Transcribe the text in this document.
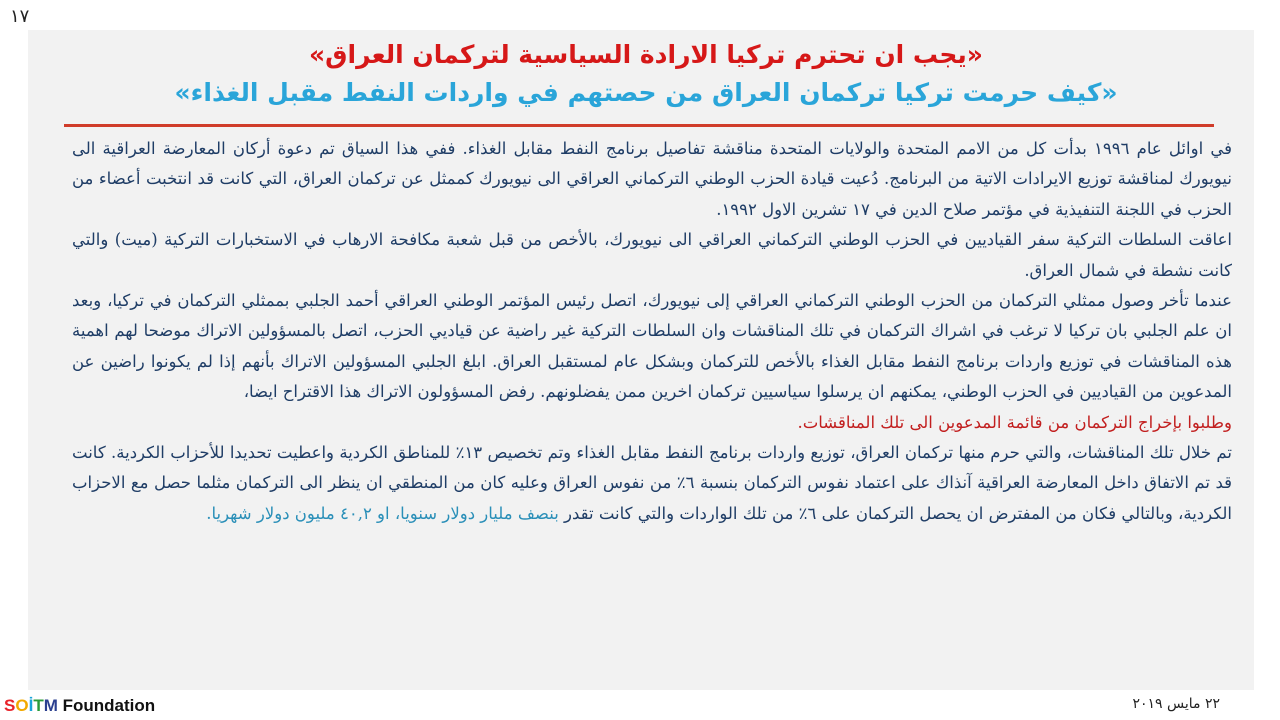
١٧
«يجب ان تحترم تركيا الارادة السياسية لتركمان العراق»
«كيف حرمت تركيا تركمان العراق من حصتهم في واردات النفط مقبل الغذاء»

في اوائل عام ١٩٩٦ بدأت كل من الامم المتحدة والولايات المتحدة مناقشة تفاصيل برنامج النفط مقابل الغذاء. ففي هذا السياق تم دعوة أركان المعارضة العراقية الى نيويورك لمناقشة توزيع الايرادات الاتية من البرنامج. دُعيت قيادة الحزب الوطني التركماني العراقي الى نيويورك كممثل عن تركمان العراق، التي كانت قد انتخبت أعضاء من الحزب في اللجنة التنفيذية في مؤتمر صلاح الدين في ١٧ تشرين الاول ١٩٩٢.

اعاقت السلطات التركية سفر القياديين في الحزب الوطني التركماني العراقي الى نيويورك، بالأخص من قبل شعبة مكافحة الارهاب في الاستخبارات التركية (ميت) والتي كانت نشطة في شمال العراق.

عندما تأخر وصول ممثلي التركمان من الحزب الوطني التركماني العراقي إلى نيويورك، اتصل رئيس المؤتمر الوطني العراقي أحمد الجلبي بممثلي التركمان في تركيا، وبعد ان علم الجلبي بان تركيا لا ترغب في اشراك التركمان في تلك المناقشات وان السلطات التركية غير راضية عن قياديي الحزب، اتصل بالمسؤولين الاتراك موضحا لهم اهمية هذه المناقشات في توزيع واردات برنامج النفط مقابل الغذاء بالأخص للتركمان وبشكل عام لمستقبل العراق. ابلغ الجلبي المسؤولين الاتراك بأنهم إذا لم يكونوا راضين عن المدعوين من القياديين في الحزب الوطني، يمكنهم ان يرسلوا سياسيين تركمان اخرين ممن يفضلونهم. رفض المسؤولون الاتراك هذا الاقتراح ايضا،
وطلبوا بإخراج التركمان من قائمة المدعوين الى تلك المناقشات.

تم خلال تلك المناقشات، والتي حرم منها تركمان العراق، توزيع واردات برنامج النفط مقابل الغذاء وتم تخصيص ١٣٪ للمناطق الكردية واعطيت تحديدا للأحزاب الكردية. كانت قد تم الاتفاق داخل المعارضة العراقية آنذاك على اعتماد نفوس التركمان بنسبة ٦٪ من نفوس العراق وعليه كان من المنطقي ان ينظر الى التركمان مثلما حصل مع الاحزاب الكردية، وبالتالي فكان من المفترض ان يحصل التركمان على ٦٪ من تلك الواردات والتي كانت تقدر بنصف مليار دولار سنويا، او ٤٠,٢ مليون دولار شهريا.

SOİTM Foundation	٢٢ مايس ٢٠١٩
